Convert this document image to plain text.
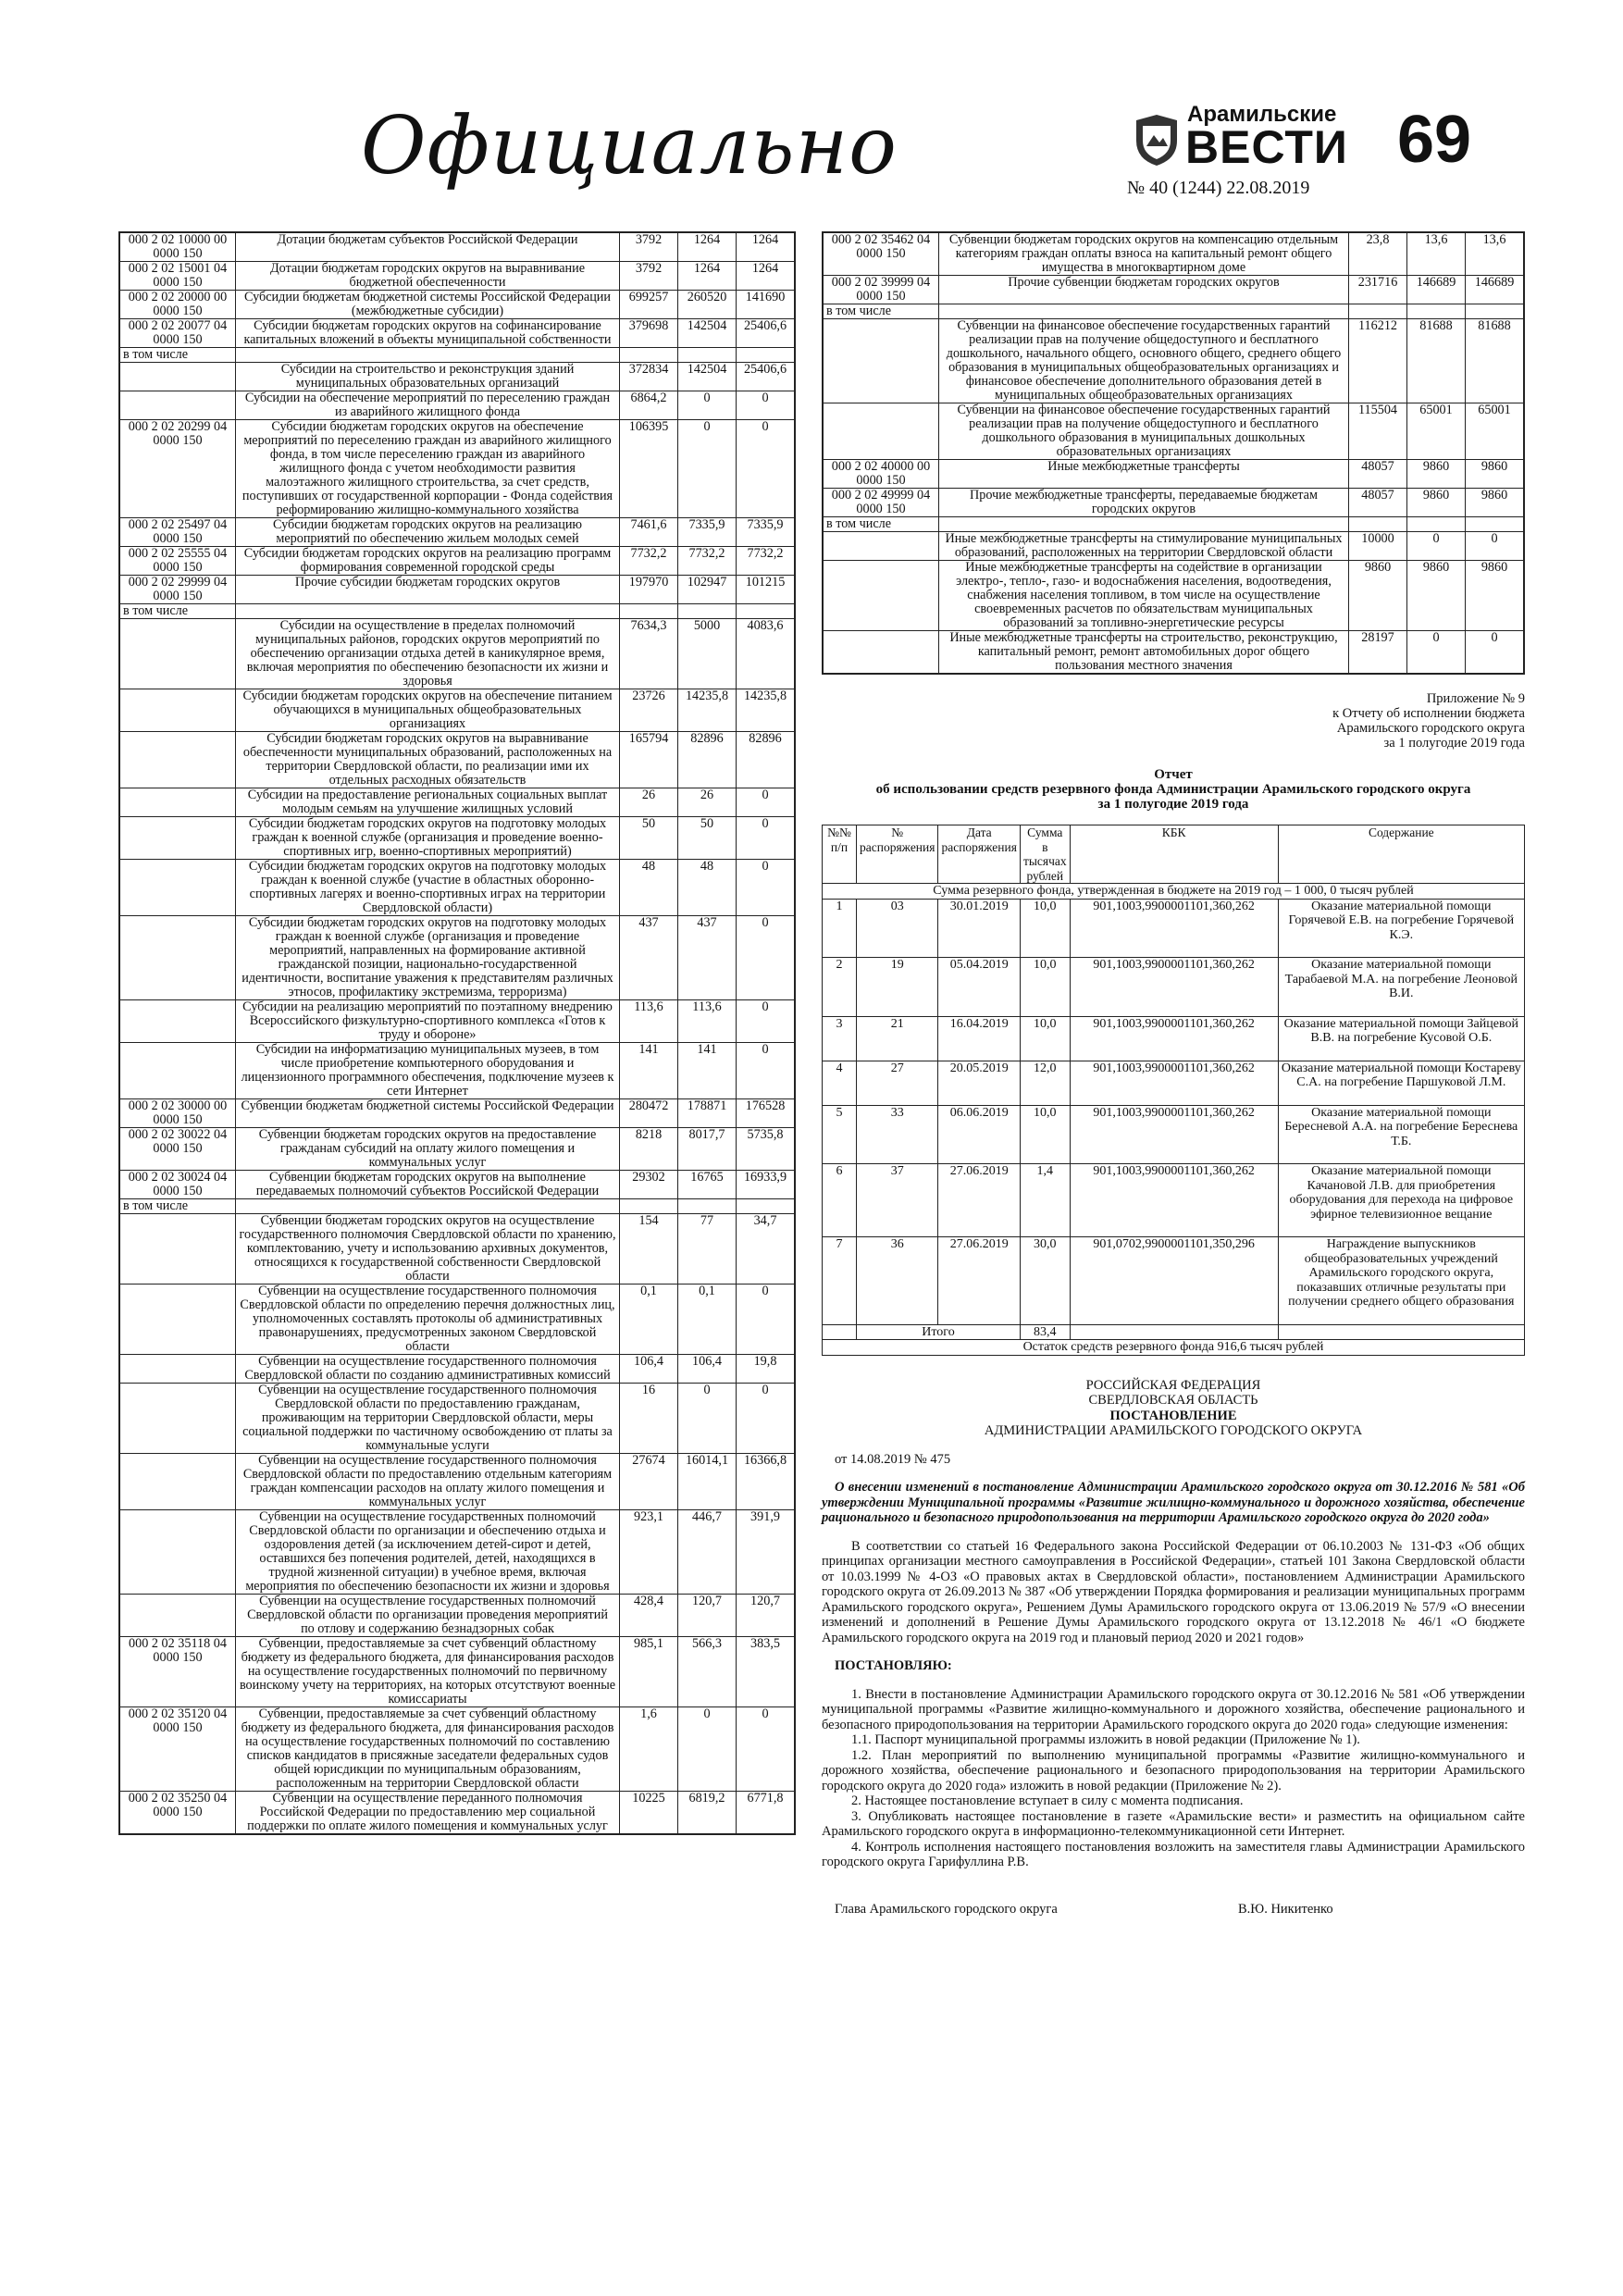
Официально	Арамильские
ВЕСТИ
№ 40 (1244) 22.08.2019
69
000 2 02 10000 00 0000 150	Дотации бюджетам субъектов Российской Федерации	3792	1264	1264
000 2 02 15001 04 0000 150	Дотации бюджетам городских округов на выравнивание бюджетной обеспеченности	3792	1264	1264
000 2 02 20000 00 0000 150	Субсидии бюджетам бюджетной системы Российской Федерации (межбюджетные субсидии)	699257	260520	141690
000 2 02 20077 04 0000 150	Субсидии бюджетам городских округов на софинансирование капитальных вложений в объекты муниципальной собственности	379698	142504	25406,6
в том числе				
	Субсидии на строительство и реконструкция зданий муниципальных образовательных организаций	372834	142504	25406,6
	Субсидии на обеспечение мероприятий по переселению граждан из аварийного жилищного фонда	6864,2	0	0
000 2 02 20299 04 0000 150	Субсидии бюджетам городских округов на обеспечение мероприятий по переселению граждан из аварийного жилищного фонда, в том числе переселению граждан из аварийного жилищного фонда с учетом необходимости развития малоэтажного жилищного строительства, за счет средств, поступивших от государственной корпорации - Фонда содействия реформированию жилищно-коммунального хозяйства	106395	0	0
000 2 02 25497 04 0000 150	Субсидии бюджетам городских округов на реализацию мероприятий по обеспечению жильем молодых семей	7461,6	7335,9	7335,9
000 2 02 25555 04 0000 150	Субсидии бюджетам городских округов на реализацию программ формирования современной городской среды	7732,2	7732,2	7732,2
000 2 02 29999 04 0000 150	Прочие субсидии бюджетам городских округов	197970	102947	101215
в том числе				
	Субсидии на осуществление в пределах полномочий муниципальных районов, городских округов мероприятий по обеспечению организации отдыха детей в каникулярное время, включая мероприятия по обеспечению безопасности их жизни и здоровья	7634,3	5000	4083,6
	Субсидии бюджетам городских округов на обеспечение питанием обучающихся в муниципальных общеобразовательных организациях	23726	14235,8	14235,8
	Субсидии бюджетам городских округов на выравнивание обеспеченности муниципальных образований, расположенных на территории Свердловской области, по реализации ими их отдельных расходных обязательств	165794	82896	82896
	Субсидии на предоставление региональных социальных выплат молодым семьям на улучшение жилищных условий	26	26	0
	Субсидии бюджетам городских округов на подготовку молодых граждан к военной службе (организация и проведение военно-спортивных игр, военно-спортивных мероприятий)	50	50	0
	Субсидии бюджетам городских округов на подготовку молодых граждан к военной службе (участие в областных оборонно-спортивных лагерях и военно-спортивных играх на территории Свердловской области)	48	48	0
	Субсидии бюджетам городских округов на подготовку молодых граждан к военной службе (организация и проведение мероприятий, направленных на формирование активной гражданской позиции, национально-государственной идентичности, воспитание уважения к представителям различных этносов, профилактику экстремизма, терроризма)	437	437	0
	Субсидии на реализацию мероприятий по поэтапному внедрению Всероссийского физкультурно-спортивного комплекса «Готов к труду и обороне»	113,6	113,6	0
	Субсидии на информатизацию муниципальных музеев, в том числе приобретение компьютерного оборудования и лицензионного программного обеспечения, подключение музеев к сети Интернет	141	141	0
000 2 02 30000 00 0000 150	Субвенции бюджетам бюджетной системы Российской Федерации	280472	178871	176528
000 2 02 30022 04 0000 150	Субвенции бюджетам городских округов на предоставление гражданам субсидий на оплату жилого помещения и коммунальных услуг	8218	8017,7	5735,8
000 2 02 30024 04 0000 150	Субвенции бюджетам городских округов на выполнение передаваемых полномочий субъектов Российской Федерации	29302	16765	16933,9
в том числе				
	Субвенции бюджетам городских округов на осуществление государственного полномочия Свердловской области по хранению, комплектованию, учету и использованию архивных документов, относящихся к государственной собственности Свердловской области	154	77	34,7
	Субвенции на осуществление государственного полномочия Свердловской области по определению перечня должностных лиц, уполномоченных составлять протоколы об административных правонарушениях, предусмотренных законом Свердловской области	0,1	0,1	0
	Субвенции на осуществление государственного полномочия Свердловской области по созданию административных комиссий	106,4	106,4	19,8
	Субвенции на осуществление государственного полномочия Свердловской области по предоставлению гражданам, проживающим на территории Свердловской области, меры социальной поддержки по частичному освобождению от платы за коммунальные услуги	16	0	0
	Субвенции на осуществление государственного полномочия Свердловской области по предоставлению отдельным категориям граждан компенсации расходов на оплату жилого помещения и коммунальных услуг	27674	16014,1	16366,8
	Субвенции на осуществление государственных полномочий Свердловской области по организации и обеспечению отдыха и оздоровления детей (за исключением детей-сирот и детей, оставшихся без попечения родителей, детей, находящихся в трудной жизненной ситуации) в учебное время, включая мероприятия по обеспечению безопасности их жизни и здоровья	923,1	446,7	391,9
	Субвенции на осуществление государственных полномочий Свердловской области по организации проведения мероприятий по отлову и содержанию безнадзорных собак	428,4	120,7	120,7
000 2 02 35118 04 0000 150	Субвенции, предоставляемые за счет субвенций областному бюджету из федерального бюджета, для финансирования расходов на осуществление государственных полномочий по первичному воинскому учету на территориях, на которых отсутствуют военные комиссариаты	985,1	566,3	383,5
000 2 02 35120 04 0000 150	Субвенции, предоставляемые за счет субвенций областному бюджету из федерального бюджета, для финансирования расходов на осуществление государственных полномочий по составлению списков кандидатов в присяжные заседатели федеральных судов общей юрисдикции по муниципальным образованиям, расположенным на территории Свердловской области	1,6	0	0
000 2 02 35250 04 0000 150	Субвенции на осуществление переданного полномочия Российской Федерации по предоставлению мер социальной поддержки по оплате жилого помещения и коммунальных услуг	10225	6819,2	6771,8
000 2 02 35462 04 0000 150	Субвенции бюджетам городских округов на компенсацию отдельным категориям граждан оплаты взноса на капитальный ремонт общего имущества в многоквартирном доме	23,8	13,6	13,6
000 2 02 39999 04 0000 150	Прочие субвенции бюджетам городских округов	231716	146689	146689
в том числе				
	Субвенции на финансовое обеспечение государственных гарантий реализации прав на получение общедоступного и бесплатного дошкольного, начального общего, основного общего, среднего общего образования в муниципальных общеобразовательных организациях и финансовое обеспечение дополнительного образования детей в муниципальных общеобразовательных организациях	116212	81688	81688
	Субвенции на финансовое обеспечение государственных гарантий реализации прав на получение общедоступного и бесплатного дошкольного образования в муниципальных дошкольных образовательных организациях	115504	65001	65001
000 2 02 40000 00 0000 150	Иные межбюджетные трансферты	48057	9860	9860
000 2 02 49999 04 0000 150	Прочие межбюджетные трансферты, передаваемые бюджетам городских округов	48057	9860	9860
в том числе				
	Иные межбюджетные трансферты на стимулирование муниципальных образований, расположенных на территории Свердловской области	10000	0	0
	Иные межбюджетные трансферты на содействие в организации электро-, тепло-, газо- и водоснабжения населения, водоотведения, снабжения населения топливом, в том числе на осуществление своевременных расчетов по обязательствам муниципальных образований за топливно-энергетические ресурсы	9860	9860	9860
	Иные межбюджетные трансферты на строительство, реконструкцию, капитальный ремонт, ремонт автомобильных дорог общего пользования местного значения	28197	0	0
Приложение № 9
к Отчету об исполнении бюджета
Арамильского городского округа
за 1 полугодие 2019 года
Отчет
об использовании средств резервного фонда Администрации Арамильского городского округа
за 1 полугодие 2019 года
№№ п/п	№ распоряжения	Дата распоряжения	Сумма в тысячах рублей	КБК	Содержание
Сумма резервного фонда, утвержденная в бюджете на 2019 год – 1 000, 0 тысяч рублей					
1	03	30.01.2019	10,0	901,1003,9900001101,360,262	Оказание материальной помощи Горячевой Е.В. на погребение Горячевой К.Э.
2	19	05.04.2019	10,0	901,1003,9900001101,360,262	Оказание материальной помощи Тарабаевой М.А. на погребение Леоновой В.И.
3	21	16.04.2019	10,0	901,1003,9900001101,360,262	Оказание материальной помощи Зайцевой В.В. на погребение Кусовой О.Б.
4	27	20.05.2019	12,0	901,1003,9900001101,360,262	Оказание материальной помощи Костареву С.А. на погребение Паршуковой Л.М.
5	33	06.06.2019	10,0	901,1003,9900001101,360,262	Оказание материальной помощи Бересневой А.А. на погребение Береснева Т.Б.
6	37	27.06.2019	1,4	901,1003,9900001101,360,262	Оказание материальной помощи Качановой Л.В. для приобретения оборудования для перехода на цифровое эфирное телевизионное вещание
7	36	27.06.2019	30,0	901,0702,9900001101,350,296	Награждение выпускников общеобразовательных учреждений Арамильского городского округа, показавших отличные результаты при получении среднего общего образования
	Итого		83,4		
Остаток средств резервного фонда 916,6 тысяч рублей					
РОССИЙСКАЯ ФЕДЕРАЦИЯ
СВЕРДЛОВСКАЯ ОБЛАСТЬ
ПОСТАНОВЛЕНИЕ
АДМИНИСТРАЦИИ АРАМИЛЬСКОГО ГОРОДСКОГО ОКРУГА
от 14.08.2019 № 475

О внесении изменений в постановление Администрации Арамильского городского округа от 30.12.2016 № 581 «Об утверждении Муниципальной программы «Развитие жилищно-коммунального и дорожного хозяйства, обеспечение рационального и безопасного природопользования на территории Арамильского городского округа до 2020 года»

В соответствии со статьей 16 Федерального закона Российской Федерации от 06.10.2003 № 131-ФЗ «Об общих принципах организации местного самоуправления в Российской Федерации», статьей 101 Закона Свердловской области от 10.03.1999 № 4-ОЗ «О правовых актах в Свердловской области», постановлением Администрации Арамильского городского округа от 26.09.2013 № 387 «Об утверждении Порядка формирования и реализации муниципальных программ Арамильского городского округа», Решением Думы Арамильского городского округа от 13.06.2019 № 57/9 «О внесении изменений и дополнений в Решение Думы Арамильского городского округа от 13.12.2018 № 46/1 «О бюджете Арамильского городского округа на 2019 год и плановый период 2020 и 2021 годов»

ПОСТАНОВЛЯЮ:

1. Внести в постановление Администрации Арамильского городского округа от 30.12.2016 № 581 «Об утверждении муниципальной программы «Развитие жилищно-коммунального и дорожного хозяйства, обеспечение рационального и безопасного природопользования на территории Арамильского городского округа до 2020 года» следующие изменения:

1.1. Паспорт муниципальной программы изложить в новой редакции (Приложение № 1).

1.2. План мероприятий по выполнению муниципальной программы «Развитие жилищно-коммунального и дорожного хозяйства, обеспечение рационального и безопасного природопользования на территории Арамильского городского округа до 2020 года» изложить в новой редакции (Приложение № 2).

2. Настоящее постановление вступает в силу с момента подписания.

3. Опубликовать настоящее постановление в газете «Арамильские вести» и разместить на официальном сайте Арамильского городского округа в информационно-телекоммуникационной сети Интернет.

4. Контроль исполнения настоящего постановления возложить на заместителя главы Администрации Арамильского городского округа Гарифуллина Р.В.

Глава Арамильского городского округа	В.Ю. Никитенко
